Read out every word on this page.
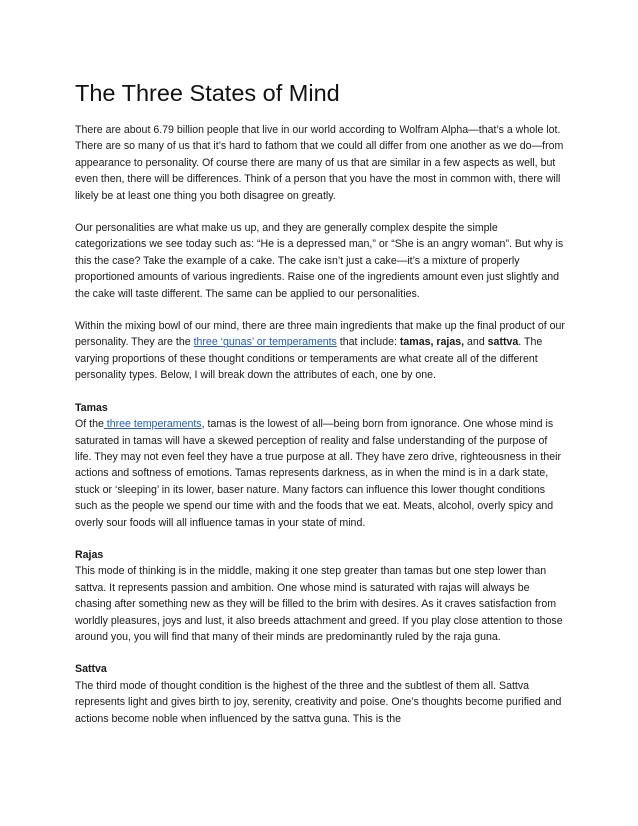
The Three States of Mind

There are about 6.79 billion people that live in our world according to Wolfram Alpha—that’s a whole lot. There are so many of us that it’s hard to fathom that we could all differ from one another as we do—from appearance to personality. Of course there are many of us that are similar in a few aspects as well, but even then, there will be differences. Think of a person that you have the most in common with, there will likely be at least one thing you both disagree on greatly.

Our personalities are what make us up, and they are generally complex despite the simple categorizations we see today such as: “He is a depressed man,” or “She is an angry woman”. But why is this the case? Take the example of a cake. The cake isn’t just a cake—it’s a mixture of properly proportioned amounts of various ingredients. Raise one of the ingredients amount even just slightly and the cake will taste different. The same can be applied to our personalities.

Within the mixing bowl of our mind, there are three main ingredients that make up the final product of our personality. They are the three ‘gunas’ or temperaments that include: tamas, rajas, and sattva. The varying proportions of these thought conditions or temperaments are what create all of the different personality types. Below, I will break down the attributes of each, one by one.

Tamas

Of the three temperaments, tamas is the lowest of all—being born from ignorance. One whose mind is saturated in tamas will have a skewed perception of reality and false understanding of the purpose of life. They may not even feel they have a true purpose at all. They have zero drive, righteousness in their actions and softness of emotions. Tamas represents darkness, as in when the mind is in a dark state, stuck or ‘sleeping’ in its lower, baser nature. Many factors can influence this lower thought conditions such as the people we spend our time with and the foods that we eat. Meats, alcohol, overly spicy and overly sour foods will all influence tamas in your state of mind.

Rajas

This mode of thinking is in the middle, making it one step greater than tamas but one step lower than sattva. It represents passion and ambition. One whose mind is saturated with rajas will always be chasing after something new as they will be filled to the brim with desires. As it craves satisfaction from worldly pleasures, joys and lust, it also breeds attachment and greed. If you play close attention to those around you, you will find that many of their minds are predominantly ruled by the raja guna.

Sattva

The third mode of thought condition is the highest of the three and the subtlest of them all. Sattva represents light and gives birth to joy, serenity, creativity and poise. One’s thoughts become purified and actions become noble when influenced by the sattva guna. This is the
